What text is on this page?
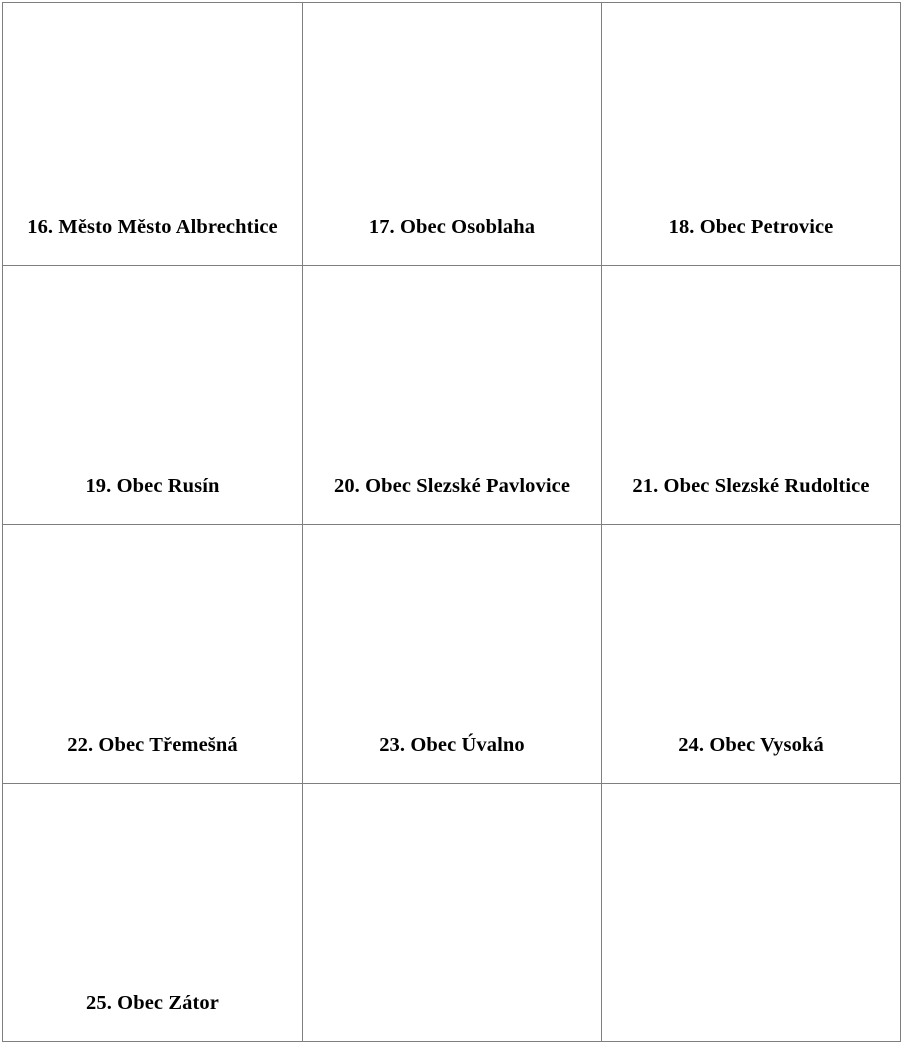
16. Město Město Albrechtice	17. Obec Osoblaha	18. Obec Petrovice

19. Obec Rusín	20. Obec Slezské Pavlovice	21. Obec Slezské Rudoltice

22. Obec Třemešná	23. Obec Úvalno	24. Obec Vysoká

25. Obec Zátor		
